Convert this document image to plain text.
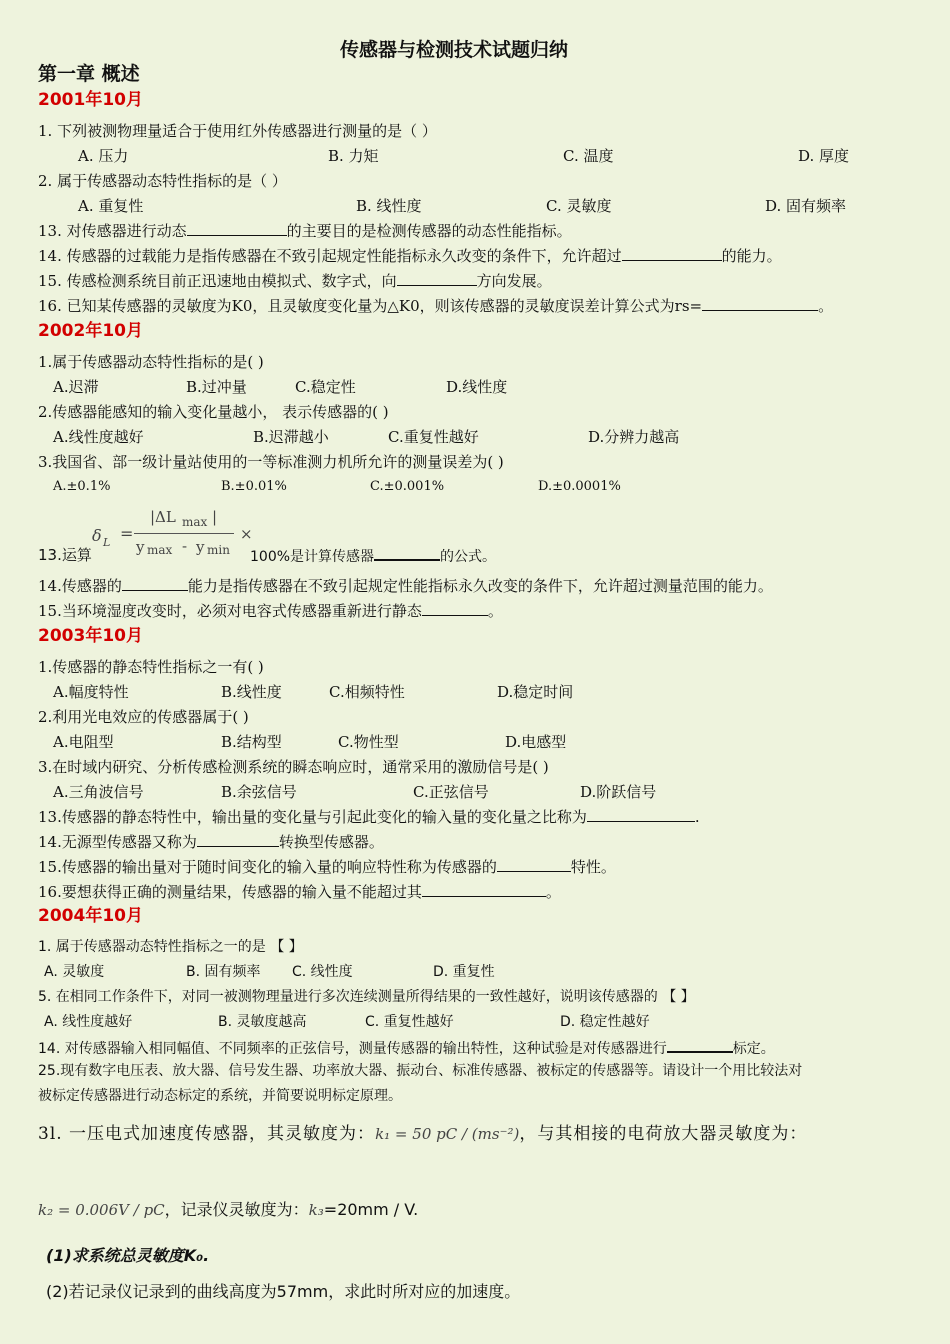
传感器与检测技术试题归纳
第一章 概述
2001年10月
1. 下列被测物理量适合于使用红外传感器进行测量的是（ ）
A. 压力	B. 力矩	C. 温度	D. 厚度
2. 属于传感器动态特性指标的是（ ）
A. 重复性	B. 线性度	C. 灵敏度	D. 固有频率
13. 对传感器进行动态	的主要目的是检测传感器的动态性能指标。
14. 传感器的过载能力是指传感器在不致引起规定性能指标永久改变的条件下，允许超过	的能力。
15. 传感检测系统目前正迅速地由模拟式、数字式，向	方向发展。
16. 已知某传感器的灵敏度为K0，且灵敏度变化量为△K0，则该传感器的灵敏度误差计算公式为rs=	。
2002年10月
1.属于传感器动态特性指标的是( )
A.迟滞	B.过冲量	C.稳定性	D.线性度
2.传感器能感知的输入变化量越小， 表示传感器的( )
A.线性度越好	B.迟滞越小	C.重复性越好	D.分辨力越高
3.我国省、部一级计量站使用的一等标准测力机所允许的测量误差为( )
A.±0.1%	B.±0.01%	C.±0.001%	D.±0.0001%
13.运算
δ L =
|ΔL max |
y max - y min
×
100%是计算传感器	的公式。
14.传感器的	能力是指传感器在不致引起规定性能指标永久改变的条件下，允许超过测量范围的能力。
15.当环境湿度改变时，必须对电容式传感器重新进行静态	。
2003年10月
1.传感器的静态特性指标之一有( )
A.幅度特性	B.线性度	C.相频特性	D.稳定时间
2.利用光电效应的传感器属于( )
A.电阻型	B.结构型	C.物性型	D.电感型
3.在时域内研究、分析传感检测系统的瞬态响应时，通常采用的激励信号是( )
A.三角波信号	B.余弦信号	C.正弦信号	D.阶跃信号
13.传感器的静态特性中，输出量的变化量与引起此变化的输入量的变化量之比称为	.
14.无源型传感器又称为	转换型传感器。
15.传感器的输出量对于随时间变化的输入量的响应特性称为传感器的	特性。
16.要想获得正确的测量结果，传感器的输入量不能超过其	。
2004年10月
1. 属于传感器动态特性指标之一的是 【 】
A. 灵敏度	B. 固有频率 C. 线性度	D. 重复性
5. 在相同工作条件下，对同一被测物理量进行多次连续测量所得结果的一致性越好，说明该传感器的 【 】
A. 线性度越好	B. 灵敏度越高	C. 重复性越好	D. 稳定性越好
14. 对传感器输入相同幅值、不同频率的正弦信号，测量传感器的输出特性，这种试验是对传感器进行	标定。
25.现有数字电压表、放大器、信号发生器、功率放大器、振动台、标准传感器、被标定的传感器等。请设计一个用比较法对
被标定传感器进行动态标定的系统，并简要说明标定原理。
3l. 一压电式加速度传感器，其灵敏度为：k₁ = 50 pC / (ms⁻²)，与其相接的电荷放大器灵敏度为：
k₂ = 0.006V / pC，记录仪灵敏度为：k₃=20mm / V.
(1)求系统总灵敏度K₀.
(2)若记录仪记录到的曲线高度为57mm，求此时所对应的加速度。
